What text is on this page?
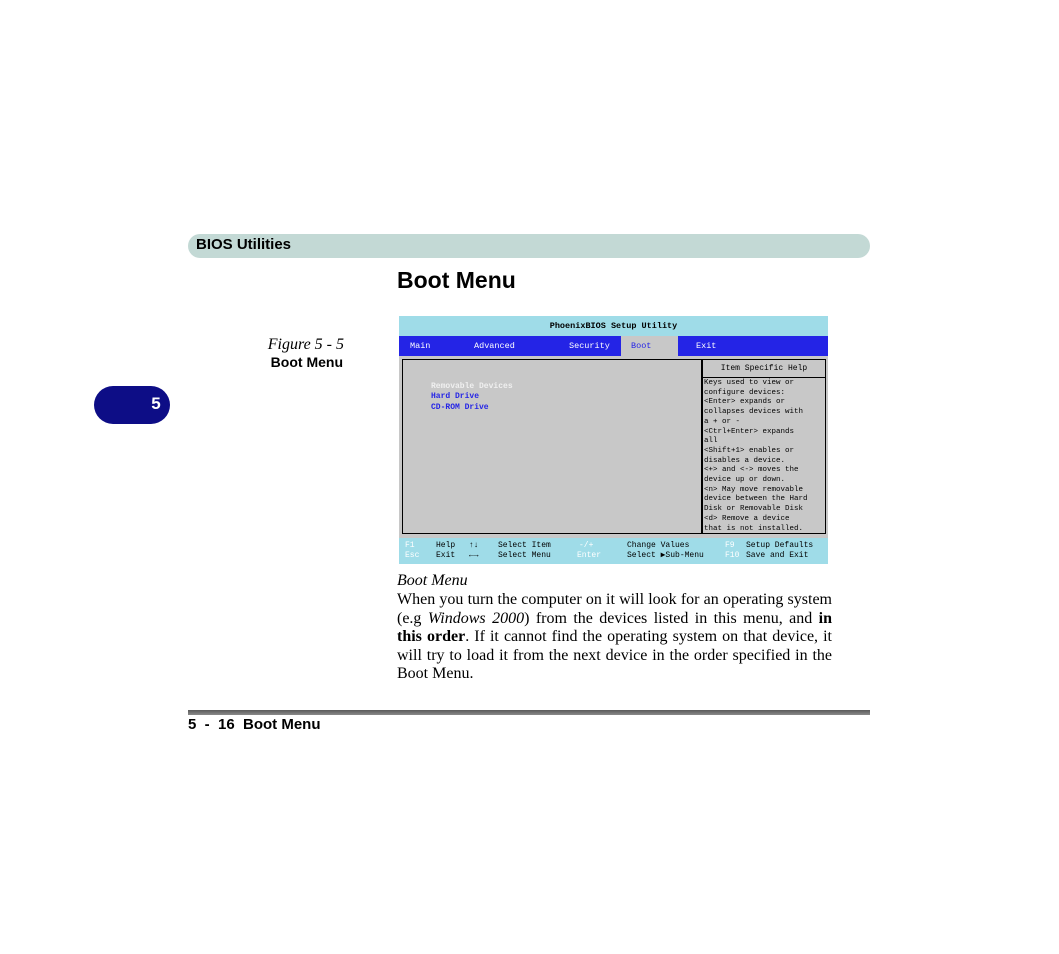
BIOS Utilities
5
Boot Menu
Figure 5 - 5
Boot Menu
PhoenixBIOS Setup Utility
Main	Advanced	Security	Boot	Exit
Removable Devices
Hard Drive
CD-ROM Drive
Item Specific Help
Keys used to view or
configure devices:
<Enter> expands or
collapses devices with
a + or -
<Ctrl+Enter> expands
all
<Shift+1> enables or
disables a device.
<+> and <-> moves the
device up or down.
<n> May move removable
device between the Hard
Disk or Removable Disk
<d> Remove a device
that is not installed.
F1	Help ↑↓ Select Item	-/+	Change Values	F9 Setup Defaults
Esc Exit ←→ Select Menu	Enter	Select ▶Sub-Menu	F10 Save and Exit
Boot Menu
When you turn the computer on it will look for an operating system (e.g Windows 2000) from the devices listed in this menu, and in this order. If it cannot find the operating system on that device, it will try to load it from the next device in the order specified in the Boot Menu.
5  -  16  Boot Menu
